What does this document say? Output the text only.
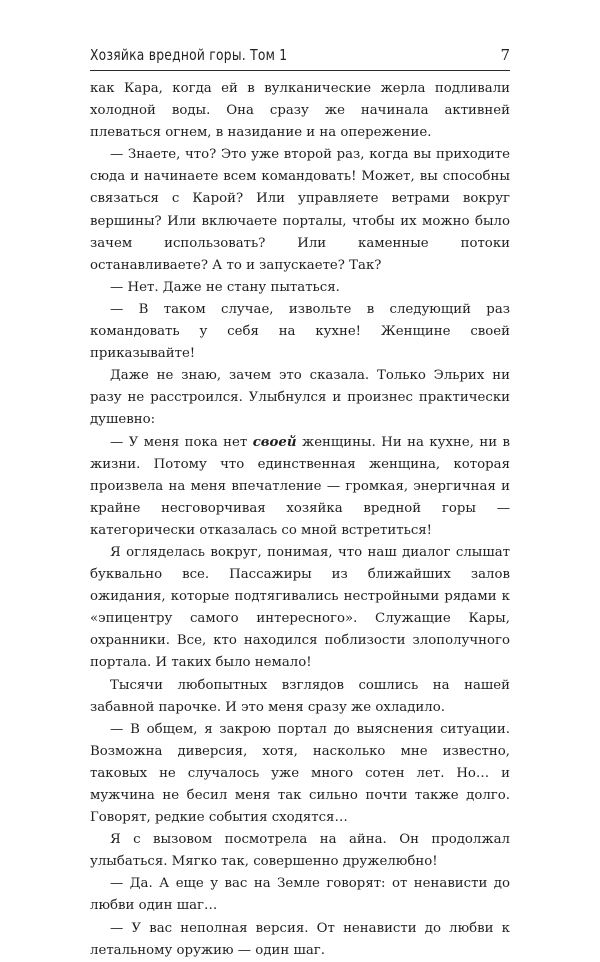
Хозяйка вредной горы. Том 1	7

как Кара, когда ей в вулканические жерла подливали холодной воды. Она сразу же начинала активней плеваться огнем, в назидание и на опережение.

— Знаете, что? Это уже второй раз, когда вы приходите сюда и начинаете всем командовать! Может, вы способны связаться с Карой? Или управляете ветрами вокруг вершины? Или включаете порталы, чтобы их можно было зачем использовать? Или каменные потоки останавливаете? А то и запускаете? Так?

— Нет. Даже не стану пытаться.

— В таком случае, извольте в следующий раз командовать у себя на кухне! Женщине своей приказывайте!

Даже не знаю, зачем это сказала. Только Эльрих ни разу не расстроился. Улыбнулся и произнес практически душевно:

— У меня пока нет своей женщины. Ни на кухне, ни в жизни. Потому что единственная женщина, которая произвела на меня впечатление — громкая, энергичная и крайне несговорчивая хозяйка вредной горы — категорически отказалась со мной встретиться!

Я огляделась вокруг, понимая, что наш диалог слышат буквально все. Пассажиры из ближайших залов ожидания, которые подтягивались нестройными рядами к «эпицентру самого интересного». Служащие Кары, охранники. Все, кто находился поблизости злополучного портала. И таких было немало!

Тысячи любопытных взглядов сошлись на нашей забавной парочке. И это меня сразу же охладило.

— В общем, я закрою портал до выяснения ситуации. Возможна диверсия, хотя, насколько мне известно, таковых не случалось уже много сотен лет. Но… и мужчина не бесил меня так сильно почти также долго. Говорят, редкие события сходятся…

Я с вызовом посмотрела на айна. Он продолжал улыбаться. Мягко так, совершенно дружелюбно!

— Да. А еще у вас на Земле говорят: от ненависти до любви один шаг…

— У вас неполная версия. От ненависти до любви к летальному оружию — один шаг.
